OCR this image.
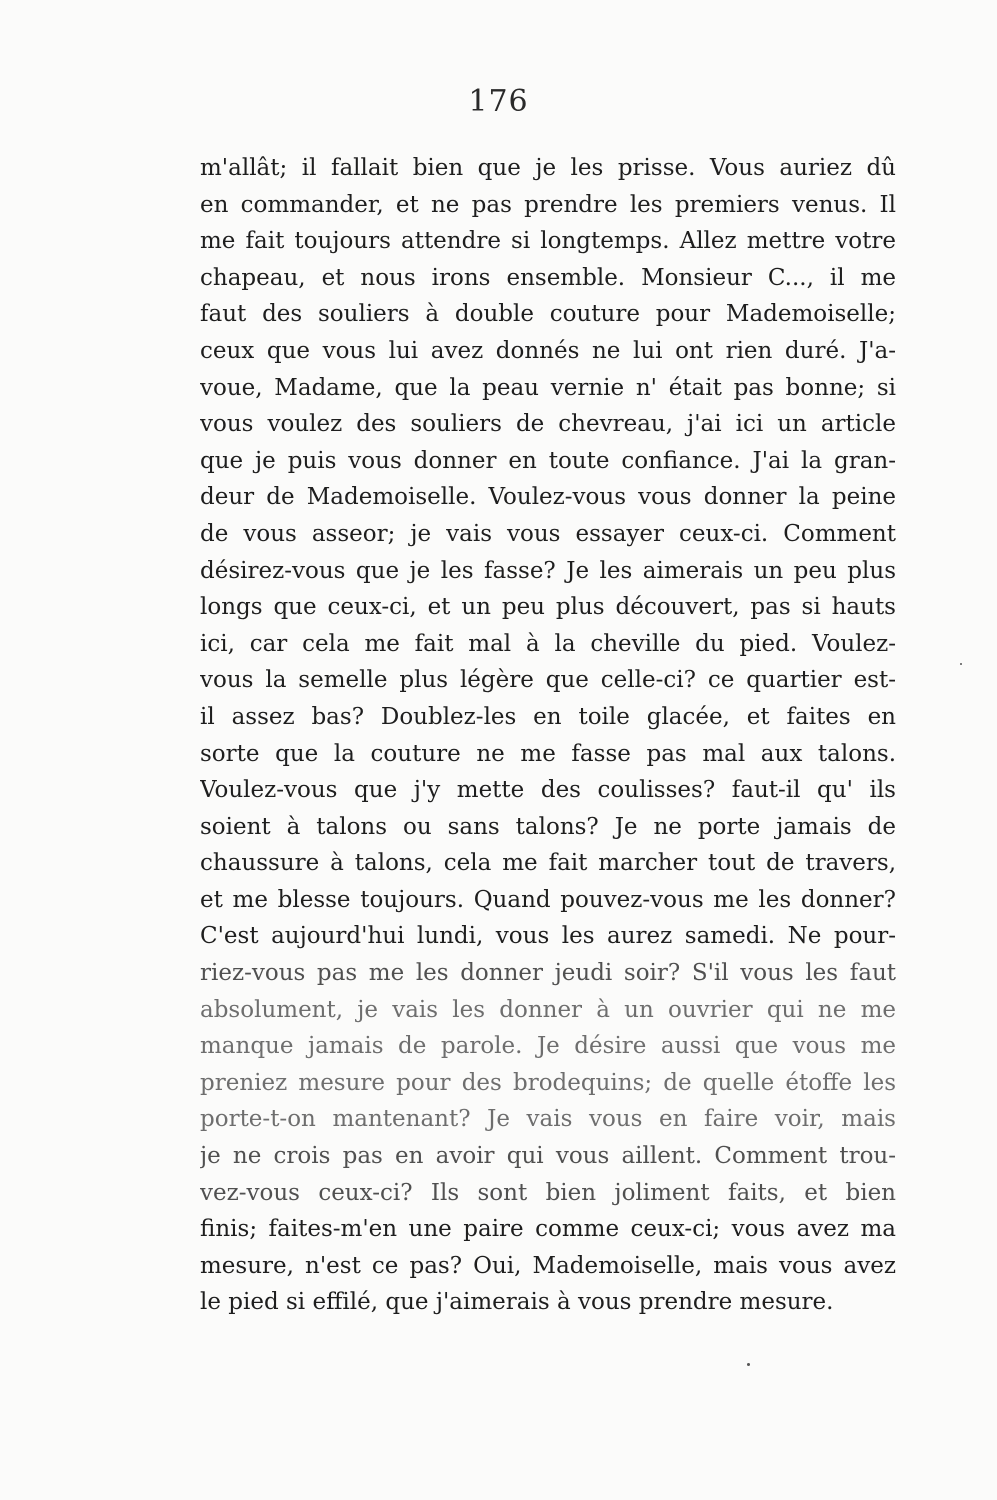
176
m'allât; il fallait bien que je les prisse. Vous auriez dû
en commander, et ne pas prendre les premiers venus. Il
me fait toujours attendre si longtemps. Allez mettre votre
chapeau, et nous irons ensemble. Monsieur C..., il me
faut des souliers à double couture pour Mademoiselle;
ceux que vous lui avez donnés ne lui ont rien duré. J'a-
voue, Madame, que la peau vernie n' était pas bonne; si
vous voulez des souliers de chevreau, j'ai ici un article
que je puis vous donner en toute confiance. J'ai la gran-
deur de Mademoiselle. Voulez-vous vous donner la peine
de vous asseor; je vais vous essayer ceux-ci. Comment
désirez-vous que je les fasse? Je les aimerais un peu plus
longs que ceux-ci, et un peu plus découvert, pas si hauts
ici, car cela me fait mal à la cheville du pied. Voulez-
vous la semelle plus légère que celle-ci? ce quartier est-
il assez bas? Doublez-les en toile glacée, et faites en
sorte que la couture ne me fasse pas mal aux talons.
Voulez-vous que j'y mette des coulisses? faut-il qu' ils
soient à talons ou sans talons? Je ne porte jamais de
chaussure à talons, cela me fait marcher tout de travers,
et me blesse toujours. Quand pouvez-vous me les donner?
C'est aujourd'hui lundi, vous les aurez samedi. Ne pour-
riez-vous pas me les donner jeudi soir? S'il vous les faut
absolument, je vais les donner à un ouvrier qui ne me
manque jamais de parole. Je désire aussi que vous me
preniez mesure pour des brodequins; de quelle étoffe les
porte-t-on mantenant? Je vais vous en faire voir, mais
je ne crois pas en avoir qui vous aillent. Comment trou-
vez-vous ceux-ci? Ils sont bien joliment faits, et bien
finis; faites-m'en une paire comme ceux-ci; vous avez ma
mesure, n'est ce pas? Oui, Mademoiselle, mais vous avez
le pied si effilé, que j'aimerais à vous prendre mesure.
